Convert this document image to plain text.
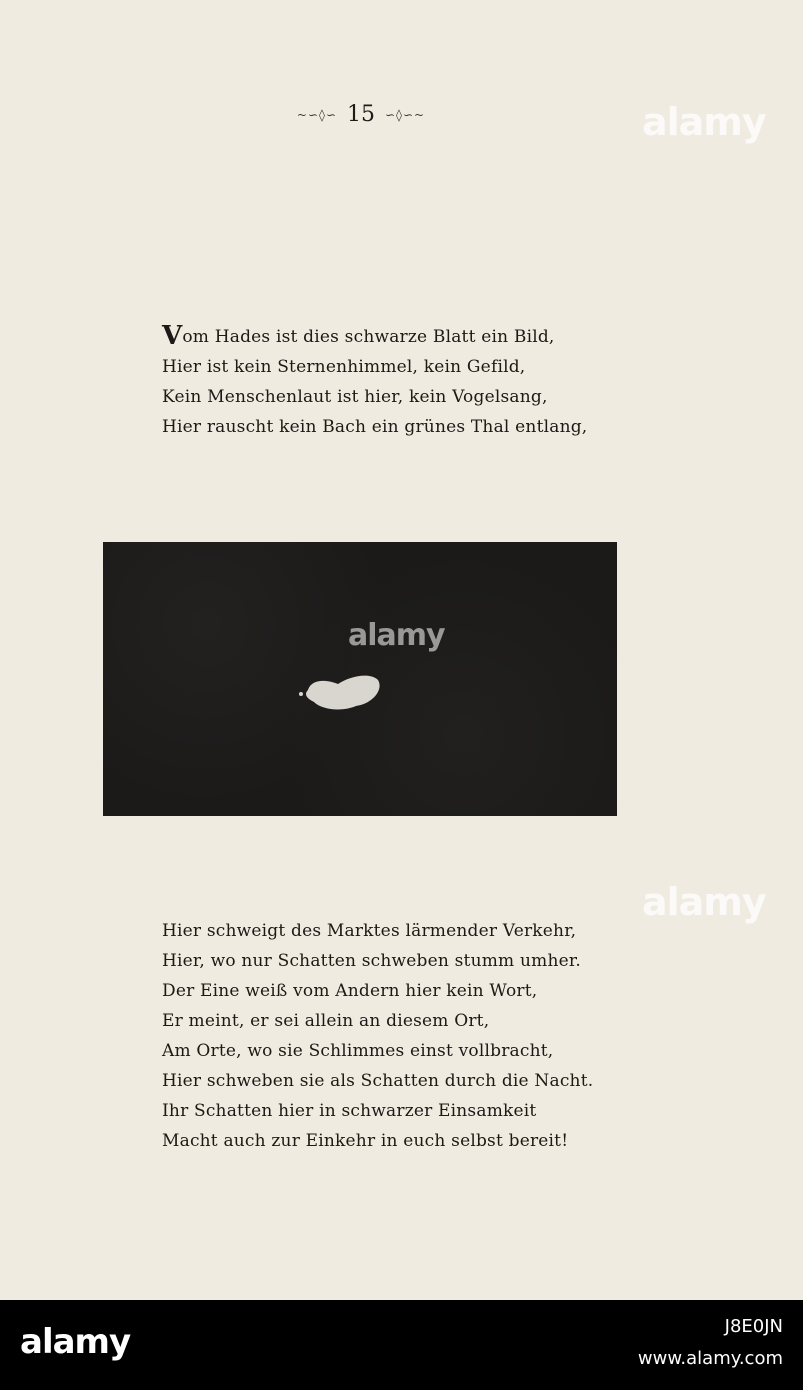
~∽◊∽ 15 ∽◊∽~	alamy
alamy
Vom Hades ist dies schwarze Blatt ein Bild,
Hier ist kein Sternenhimmel, kein Gefild,
Kein Menschenlaut ist hier, kein Vogelsang,
Hier rauscht kein Bach ein grünes Thal entlang,
alamy
Hier schweigt des Marktes lärmender Verkehr,
Hier, wo nur Schatten schweben stumm umher.
Der Eine weiß vom Andern hier kein Wort,
Er meint, er sei allein an diesem Ort,
Am Orte, wo sie Schlimmes einst vollbracht,
Hier schweben sie als Schatten durch die Nacht.
Ihr Schatten hier in schwarzer Einsamkeit
Macht auch zur Einkehr in euch selbst bereit!
alamy	J8E0JN
www.alamy.com
